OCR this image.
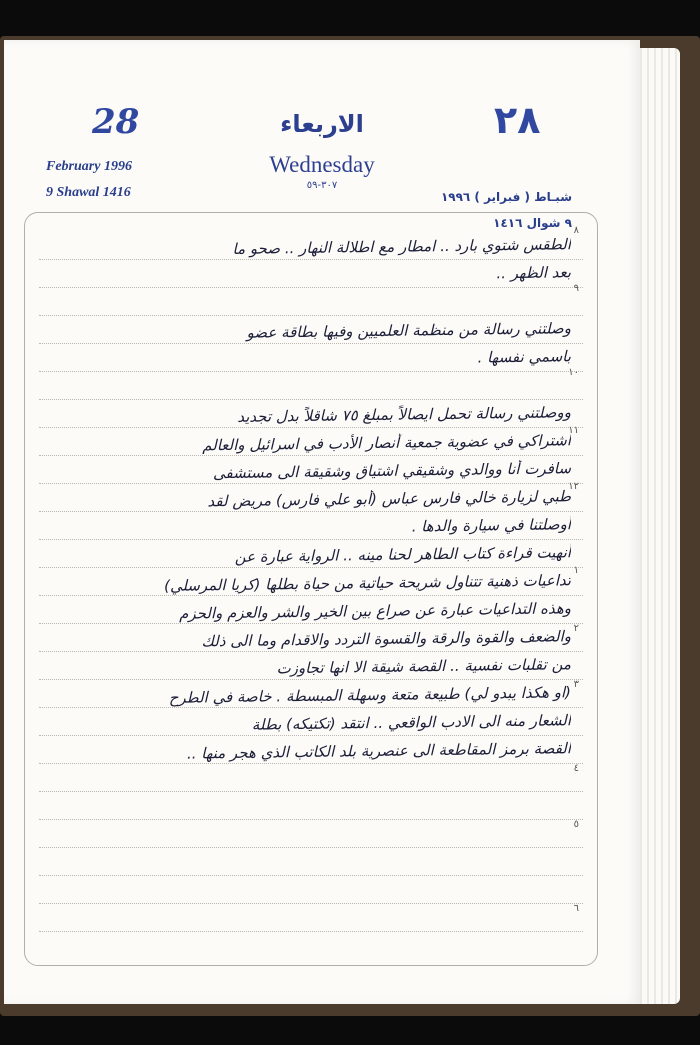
28
February 1996
9 Shawal 1416
الاربعاء
Wednesday
٣٠٧-٥٩
٢٨
شبـاط ( فبراير ) ١٩٩٦
٩ شوال ١٤١٦
٨
٩
١٠
١١
١٢
١
٢
٣
٤
٥
٦
الطقس شتوي بارد .. امطار مع اطلالة النهار .. صحو ما
بعد الظهر ..
وصلتني رسالة من منظمة العلميين وفيها بطاقة عضو
باسمي نفسها .
ووصلتني رسالة تحمل ايصالاً بمبلغ ٧٥ شاقلاً بدل تجديد
اشتراكي في عضوية جمعية أنصار الأدب في اسرائيل والعالم
سافرت أنا ووالدي وشقيقي اشتياق وشقيقة الى مستشفى
طبي لزيارة خالي فارس عباس (أبو علي فارس) مريض لقد
أوصلتنا في سيارة والدها .
أنهيت قراءة كتاب الطاهر لحنا مينه .. الرواية عبارة عن
تداعيات ذهنية تتناول شريحة حياتية من حياة بطلها (كريا المرسلي)
وهذه التداعيات عبارة عن صراع بين الخير والشر والعزم والحزم
والضعف والقوة والرقة والقسوة التردد والاقدام وما الى ذلك
من تقلبات نفسية .. القصة شيقة الا انها تجاوزت
(او هكذا يبدو لي) طبيعة متعة وسهلة المبسطة . خاصة في الطرح
الشعار منه الى الادب الواقعي .. انتقد (تكتيكه) بطلة
القصة برمز المقاطعة الى عنصرية بلد الكاتب الذي هجر منها ..
